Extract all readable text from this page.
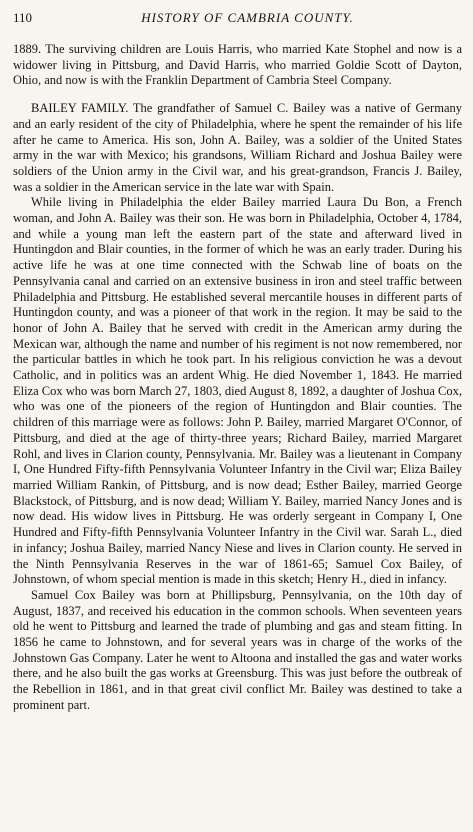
110	HISTORY OF CAMBRIA COUNTY.

1889. The surviving children are Louis Harris, who married Kate Stophel and now is a widower living in Pittsburg, and David Harris, who married Goldie Scott of Dayton, Ohio, and now is with the Franklin Department of Cambria Steel Company.

BAILEY FAMILY. The grandfather of Samuel C. Bailey was a native of Germany and an early resident of the city of Philadelphia, where he spent the remainder of his life after he came to America. His son, John A. Bailey, was a soldier of the United States army in the war with Mexico; his grandsons, William Richard and Joshua Bailey were soldiers of the Union army in the Civil war, and his great-grandson, Francis J. Bailey, was a soldier in the American service in the late war with Spain.

While living in Philadelphia the elder Bailey married Laura Du Bon, a French woman, and John A. Bailey was their son. He was born in Philadelphia, October 4, 1784, and while a young man left the eastern part of the state and afterward lived in Huntingdon and Blair counties, in the former of which he was an early trader. During his active life he was at one time connected with the Schwab line of boats on the Pennsylvania canal and carried on an extensive business in iron and steel traffic between Philadelphia and Pittsburg. He established several mercantile houses in different parts of Huntingdon county, and was a pioneer of that work in the region. It may be said to the honor of John A. Bailey that he served with credit in the American army during the Mexican war, although the name and number of his regiment is not now remembered, nor the particular battles in which he took part. In his religious conviction he was a devout Catholic, and in politics was an ardent Whig. He died November 1, 1843. He married Eliza Cox who was born March 27, 1803, died August 8, 1892, a daughter of Joshua Cox, who was one of the pioneers of the region of Huntingdon and Blair counties. The children of this marriage were as follows: John P. Bailey, married Margaret O'Connor, of Pittsburg, and died at the age of thirty-three years; Richard Bailey, married Margaret Rohl, and lives in Clarion county, Pennsylvania. Mr. Bailey was a lieutenant in Company I, One Hundred Fifty-fifth Pennsylvania Volunteer Infantry in the Civil war; Eliza Bailey married William Rankin, of Pittsburg, and is now dead; Esther Bailey, married George Blackstock, of Pittsburg, and is now dead; William Y. Bailey, married Nancy Jones and is now dead. His widow lives in Pittsburg. He was orderly sergeant in Company I, One Hundred and Fifty-fifth Pennsylvania Volunteer Infantry in the Civil war. Sarah L., died in infancy; Joshua Bailey, married Nancy Niese and lives in Clarion county. He served in the Ninth Pennsylvania Reserves in the war of 1861-65; Samuel Cox Bailey, of Johnstown, of whom special mention is made in this sketch; Henry H., died in infancy.

Samuel Cox Bailey was born at Phillipsburg, Pennsylvania, on the 10th day of August, 1837, and received his education in the common schools. When seventeen years old he went to Pittsburg and learned the trade of plumbing and gas and steam fitting. In 1856 he came to Johnstown, and for several years was in charge of the works of the Johnstown Gas Company. Later he went to Altoona and installed the gas and water works there, and he also built the gas works at Greensburg. This was just before the outbreak of the Rebellion in 1861, and in that great civil conflict Mr. Bailey was destined to take a prominent part.
